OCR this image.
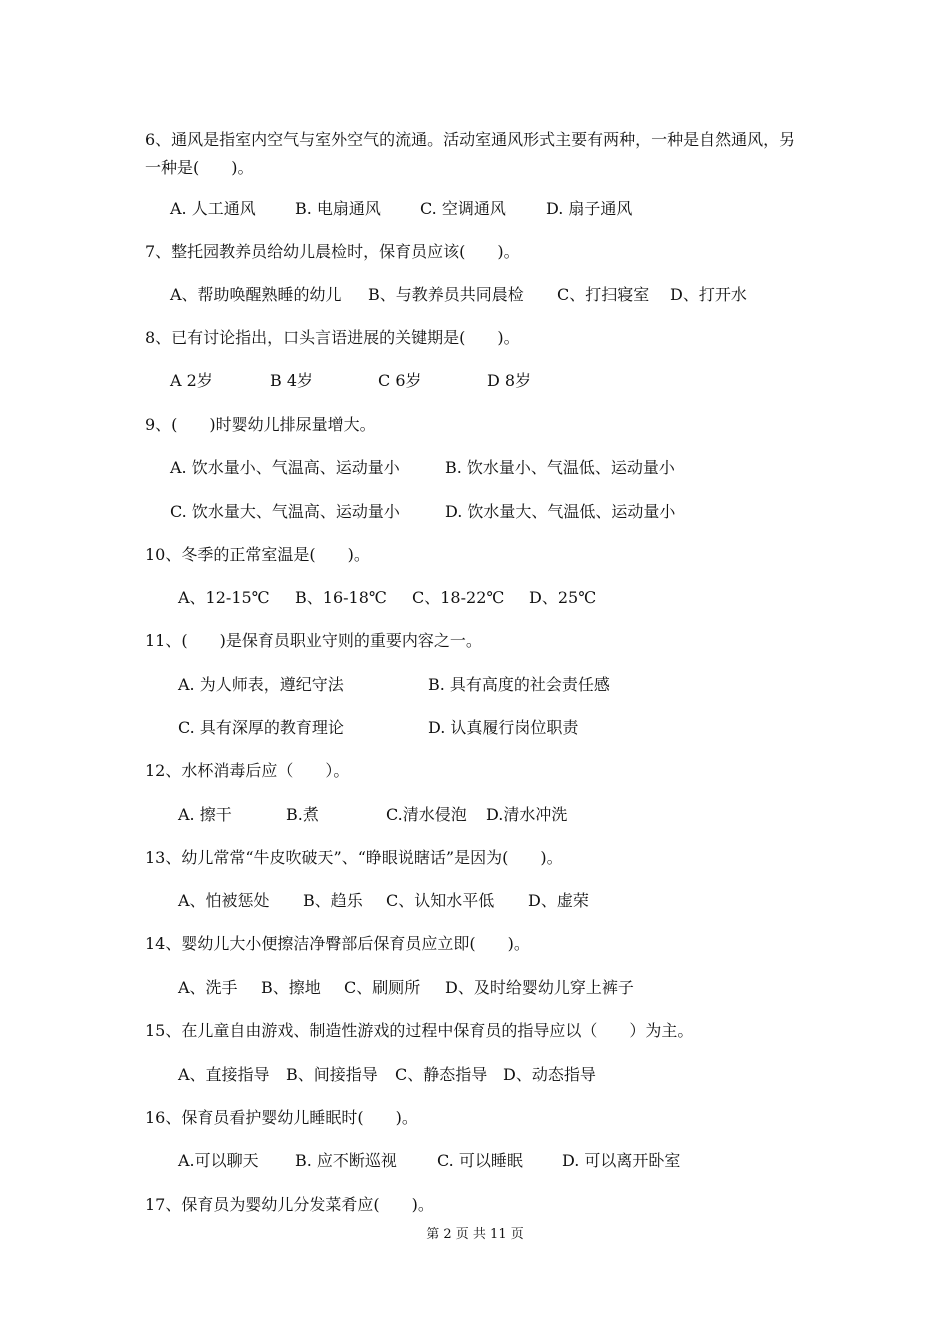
6、通风是指室内空气与室外空气的流通。活动室通风形式主要有两种，一种是自然通风，另一种是(　　)。
A. 人工通风 B. 电扇通风 C. 空调通风	D. 扇子通风
7、整托园教养员给幼儿晨检时，保育员应该(　　)。
A、帮助唤醒熟睡的幼儿 B、与教养员共同晨检 C、打扫寝室 D、打开水
8、已有讨论指出，口头言语进展的关键期是(　　)。
A 2岁	B 4岁	C 6岁	D 8岁
9、(　　)时婴幼儿排尿量增大。
A. 饮水量小、气温高、运动量小	B. 饮水量小、气温低、运动量小
C. 饮水量大、气温高、运动量小	D. 饮水量大、气温低、运动量小
10、冬季的正常室温是(　　)。
A、12-15℃ B、16-18℃ C、18-22℃ D、25℃
11、(　　)是保育员职业守则的重要内容之一。
A. 为人师表，遵纪守法	B. 具有高度的社会责任感
C. 具有深厚的教育理论	D. 认真履行岗位职责
12、水杯消毒后应（　　）。
A. 擦干	B.煮	C.清水侵泡 D.清水冲洗
13、幼儿常常“牛皮吹破天”、“睁眼说瞎话”是因为(　　)。
A、怕被惩处 B、趋乐 C、认知水平低 D、虚荣
14、婴幼儿大小便擦洁净臀部后保育员应立即(　　)。
A、洗手 B、擦地 C、刷厕所 D、及时给婴幼儿穿上裤子
15、在儿童自由游戏、制造性游戏的过程中保育员的指导应以（　　）为主。
A、直接指导 B、间接指导 C、静态指导 D、动态指导
16、保育员看护婴幼儿睡眠时(　　)。
A.可以聊天 B. 应不断巡视	C. 可以睡眠 D. 可以离开卧室
17、保育员为婴幼儿分发菜肴应(　　)。
第 2 页 共 11 页
